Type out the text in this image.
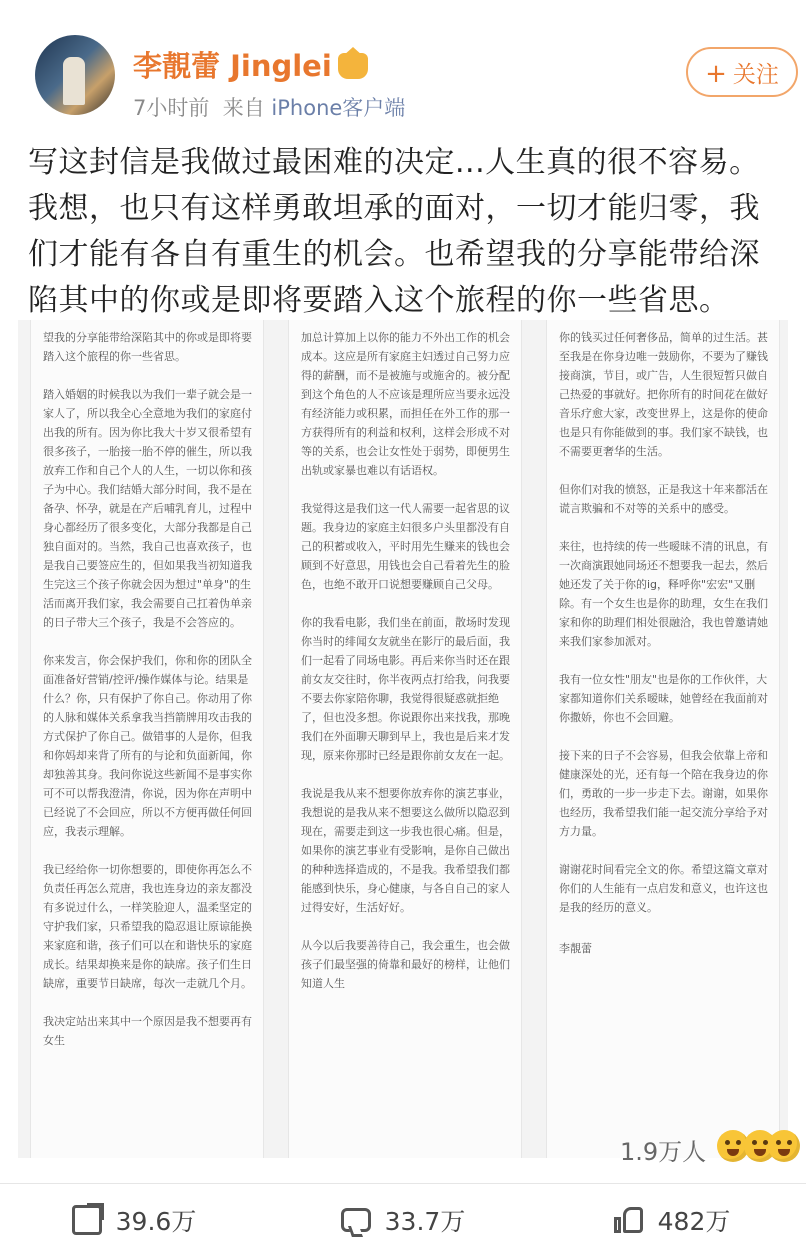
李靚蕾 Jinglei
7小时前 来自 iPhone客户端
+ 关注
写这封信是我做过最困难的决定...人生真的很不容易。我想，也只有这样勇敢坦承的面对，一切才能归零，我们才能有各自有重生的机会。也希望我的分享能带给深陷其中的你或是即将要踏入这个旅程的你一些省思。

望我的分享能带给深陷其中的你或是即将要踏入这个旅程的你一些省思。

踏入婚姻的时候我以为我们一辈子就会是一家人了，所以我全心全意地为我们的家庭付出我的所有。因为你比我大十岁又很希望有很多孩子，一胎接一胎不停的催生，所以我放弃工作和自己个人的人生，一切以你和孩子为中心。我们结婚大部分时间，我不是在备孕、怀孕，就是在产后哺乳育儿，过程中身心都经历了很多变化，大部分我都是自己独自面对的。当然，我自己也喜欢孩子，也是我自己要签应生的，但如果我当初知道我生完这三个孩子你就会因为想过"单身"的生活而离开我们家，我会需要自己扛着伪单亲的日子带大三个孩子，我是不会答应的。

你来发言，你会保护我们，你和你的团队全面准备好营销/控评/操作媒体与论。结果是什么？你，只有保护了你自己。你动用了你的人脉和媒体关系拿我当挡箭牌用攻击我的方式保护了你自己。做错事的人是你，但我和你妈却来背了所有的与论和负面新闻，你却独善其身。我问你说这些新闻不是事实你可不可以帮我澄清，你说，因为你在声明中已经说了不会回应，所以不方便再做任何回应，我表示理解。

我已经给你一切你想要的，即使你再怎么不负责任再怎么荒唐，我也连身边的亲友都没有多说过什么，一样笑脸迎人，温柔坚定的守护我们家，只希望我的隐忍退让原谅能换来家庭和谐，孩子们可以在和谐快乐的家庭成长。结果却换来是你的缺席。孩子们生日缺席，重要节日缺席，每次一走就几个月。

我决定站出来其中一个原因是我不想要再有女生

加总计算加上以你的能力不外出工作的机会成本。这应是所有家庭主妇透过自己努力应得的薪酬，而不是被施与或施舍的。被分配到这个角色的人不应该是理所应当要永远没有经济能力或积累，而担任在外工作的那一方获得所有的利益和权利，这样会形成不对等的关系，也会让女性处于弱势，即便男生出轨或家暴也难以有话语权。

我觉得这是我们这一代人需要一起省思的议题。我身边的家庭主妇很多户头里都没有自己的积蓄或收入，平时用先生赚来的钱也会顾到不好意思，用钱也会自己看着先生的脸色，也绝不敢开口说想要赚顾自己父母。

你的我看电影，我们坐在前面，散场时发现你当时的绯闻女友就坐在影厅的最后面，我们一起看了同场电影。再后来你当时还在跟前女友交往时，你半夜两点打给我，问我要不要去你家陪你聊，我觉得很疑惑就拒绝了，但也没多想。你说跟你出来找我，那晚我们在外面聊天聊到早上，我也是后来才发现，原来你那时已经是跟你前女友在一起。

我说是我从来不想要你放弃你的演艺事业，我想说的是我从来不想要这么做所以隐忍到现在，需要走到这一步我也很心痛。但是，如果你的演艺事业有受影响，是你自己做出的种种选择造成的，不是我。我希望我们都能感到快乐，身心健康，与各自自己的家人过得安好，生活好好。

从今以后我要善待自己，我会重生，也会做孩子们最坚强的倚靠和最好的榜样，让他们知道人生

你的钱买过任何奢侈品，简单的过生活。甚至我是在你身边唯一鼓励你，不要为了赚钱接商演，节目，或广告，人生很短暂只做自己热爱的事就好。把你所有的时间花在做好音乐疗愈大家，改变世界上，这是你的使命也是只有你能做到的事。我们家不缺钱，也不需要更奢华的生活。

但你们对我的愤怒，正是我这十年来都活在谎言欺骗和不对等的关系中的感受。

来往，也持续的传一些暧昧不清的讯息，有一次商演跟她同场还不想要我一起去，然后她还发了关于你的ig，释呼你"宏宏"又删除。有一个女生也是你的助理，女生在我们家和你的助理们相处很融洽，我也曾邀请她来我们家参加派对。

我有一位女性"朋友"也是你的工作伙伴，大家都知道你们关系暧昧，她曾经在我面前对你撒娇，你也不会回避。

接下来的日子不会容易，但我会依靠上帝和健康深处的光，还有每一个陪在我身边的你们，勇敢的一步一步走下去。谢谢，如果你也经历，我希望我们能一起交流分享给予对方力量。

谢谢花时间看完全文的你。希望这篇文章对你们的人生能有一点启发和意义，也许这也是我的经历的意义。

李靚蕾

1.9万人
39.6万	33.7万	482万
